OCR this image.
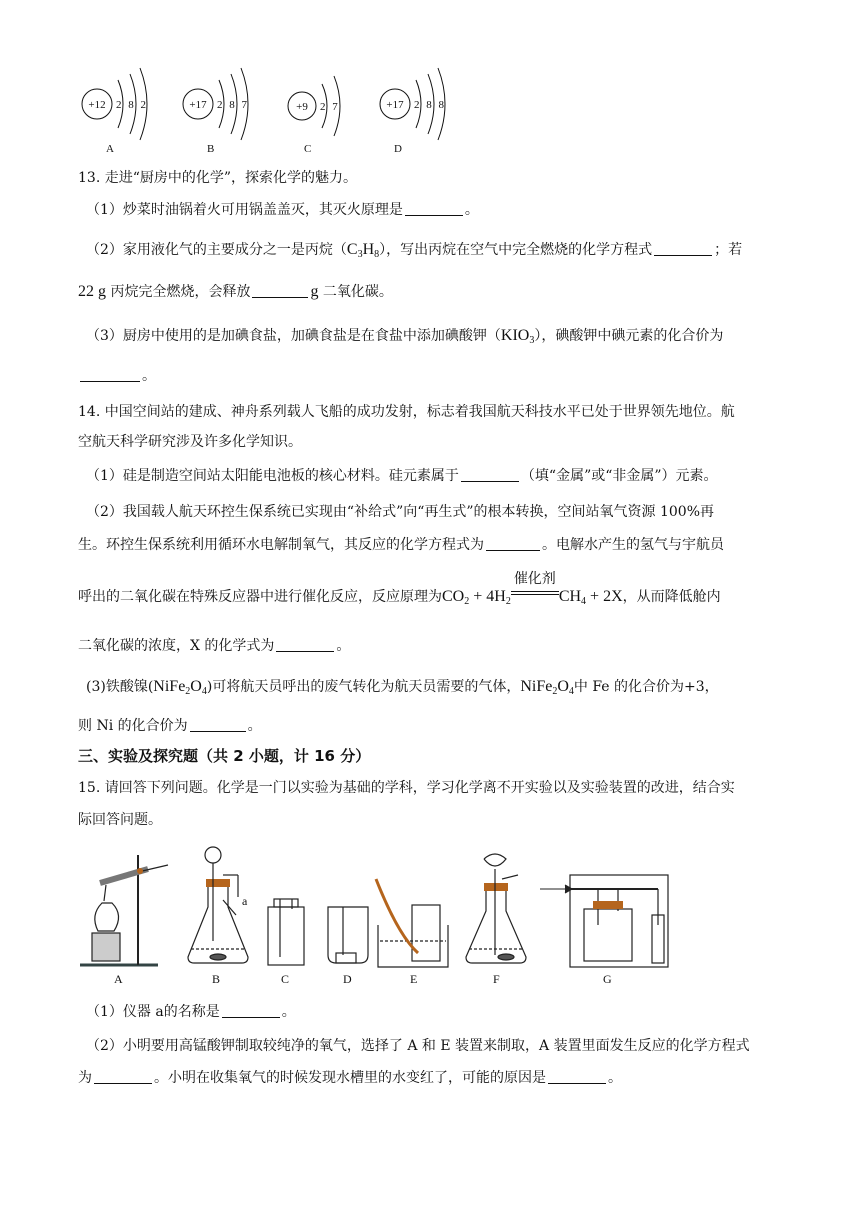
+12 2 8 2
A
+17 2 8 7
B
+9 2 7
C
+17 2 8 8
D
13. 走进“厨房中的化学”，探索化学的魅力。
（1）炒菜时油锅着火可用锅盖盖灭，其灭火原理是	。
（2）家用液化气的主要成分之一是丙烷$(C_3H_8)$，写出丙烷在空气中完全燃烧的化学方程式	；若
22 g 丙烷完全燃烧，会释放	g 二氧化碳。
（3）厨房中使用的是加碘食盐，加碘食盐是在食盐中添加碘酸钾$(KIO_3)$，碘酸钾中碘元素的化合价为
。
14. 中国空间站的建成、神舟系列载人飞船的成功发射，标志着我国航天科技水平已处于世界领先地位。航
空航天科学研究涉及许多化学知识。
（1）硅是制造空间站太阳能电池板的核心材料。硅元素属于	（填“金属”或“非金属”）元素。
（2）我国载人航天环控生保系统已实现由“补给式”向“再生式”的根本转换，空间站氧气资源 100%再
生。环控生保系统利用循环水电解制氧气，其反应的化学方程式为	。电解水产生的氢气与宇航员
呼出的二氧化碳在特殊反应器中进行催化反应，反应原理为$CO_2 + 4H_2$
催化剂
$CH_4 + 2X$，从而降低舱内
二氧化碳的浓度，X 的化学式为	。
(3)铁酸镍$(NiFe_2O_4)$可将航天员呼出的废气转化为航天员需要的气体，$NiFe_2O_4$中 Fe 的化合价为+3，
则 Ni 的化合价为	。
三、实验及探究题（共 2 小题，计 16 分）
15. 请回答下列问题。化学是一门以实验为基础的学科，学习化学离不开实验以及实验装置的改进，结合实
际回答问题。
a
A	B	C	D	E	F	G
（1）仪器 a的名称是	。
（2）小明要用高锰酸钾制取较纯净的氧气，选择了 A 和 E 装置来制取，A 装置里面发生反应的化学方程式
为	。小明在收集氧气的时候发现水槽里的水变红了，可能的原因是	。
